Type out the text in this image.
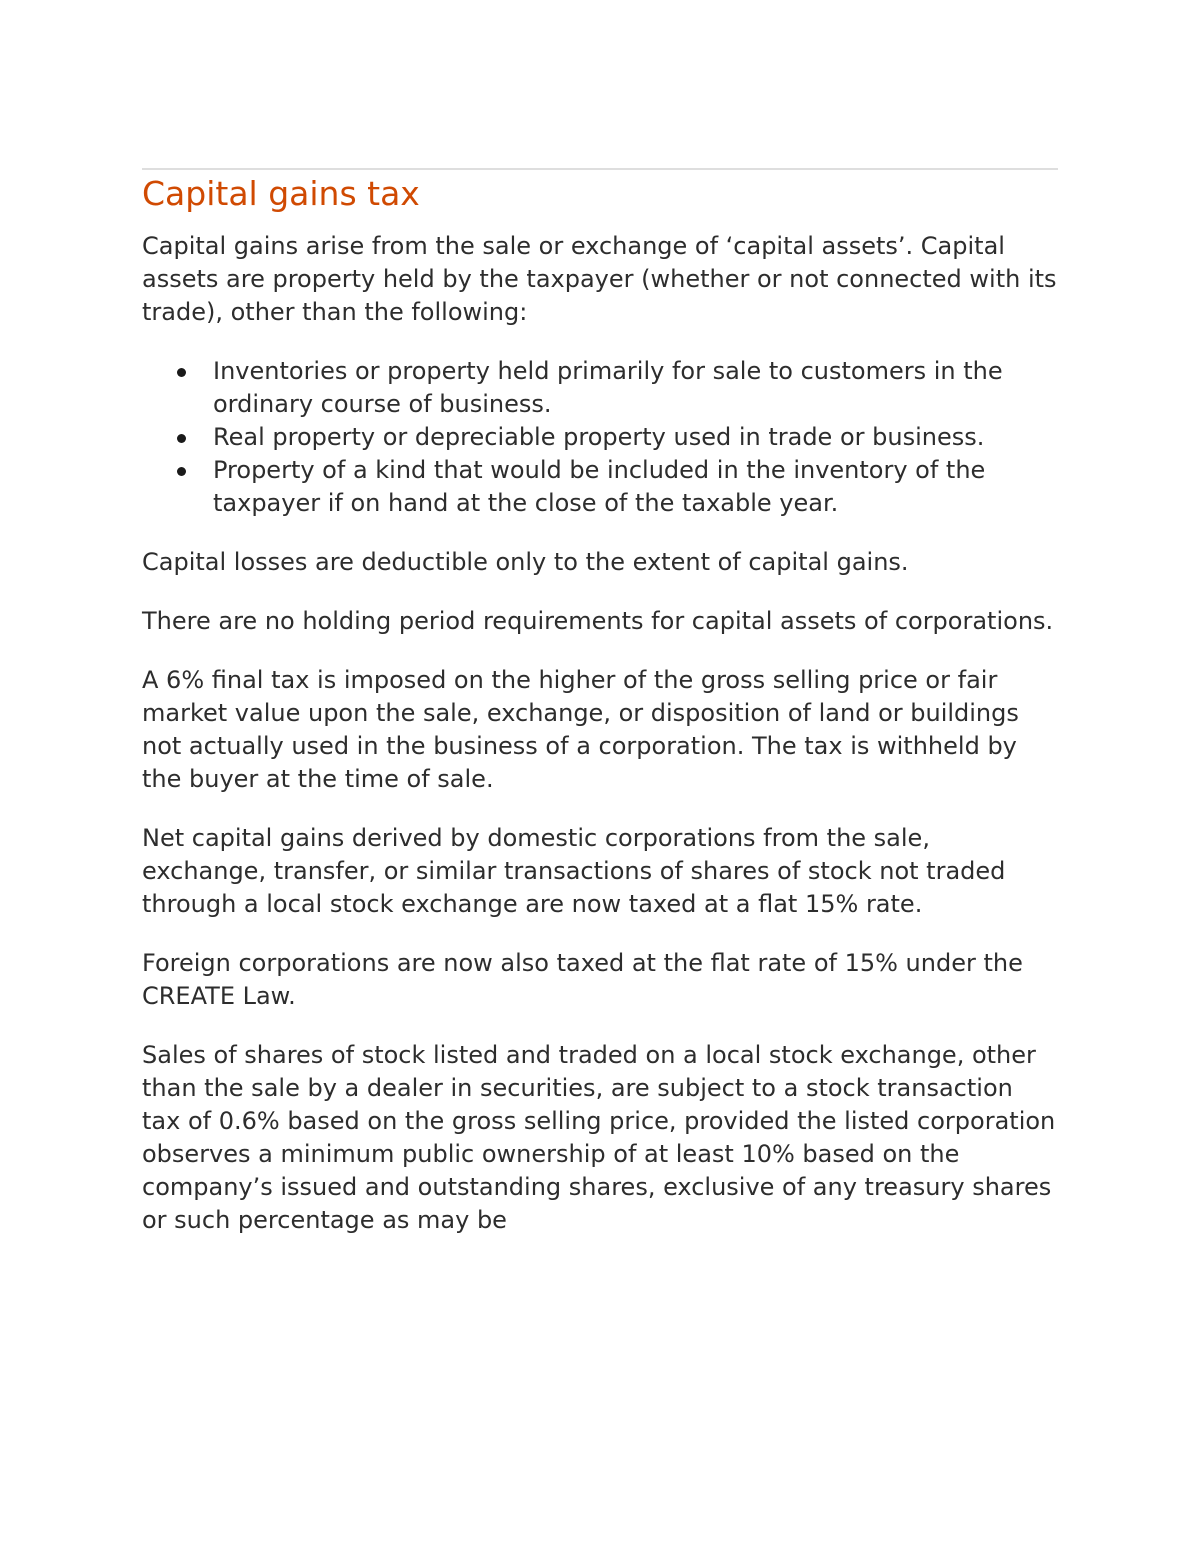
Capital gains tax

Capital gains arise from the sale or exchange of ‘capital assets’. Capital assets are property held by the taxpayer (whether or not connected with its trade), other than the following:

Inventories or property held primarily for sale to customers in the ordinary course of business.
Real property or depreciable property used in trade or business.
Property of a kind that would be included in the inventory of the taxpayer if on hand at the close of the taxable year.

Capital losses are deductible only to the extent of capital gains.

There are no holding period requirements for capital assets of corporations.

A 6% final tax is imposed on the higher of the gross selling price or fair market value upon the sale, exchange, or disposition of land or buildings not actually used in the business of a corporation. The tax is withheld by the buyer at the time of sale.

Net capital gains derived by domestic corporations from the sale, exchange, transfer, or similar transactions of shares of stock not traded through a local stock exchange are now taxed at a flat 15% rate.

Foreign corporations are now also taxed at the flat rate of 15% under the CREATE Law.

Sales of shares of stock listed and traded on a local stock exchange, other than the sale by a dealer in securities, are subject to a stock transaction tax of 0.6% based on the gross selling price, provided the listed corporation observes a minimum public ownership of at least 10% based on the company’s issued and outstanding shares, exclusive of any treasury shares or such percentage as may be
